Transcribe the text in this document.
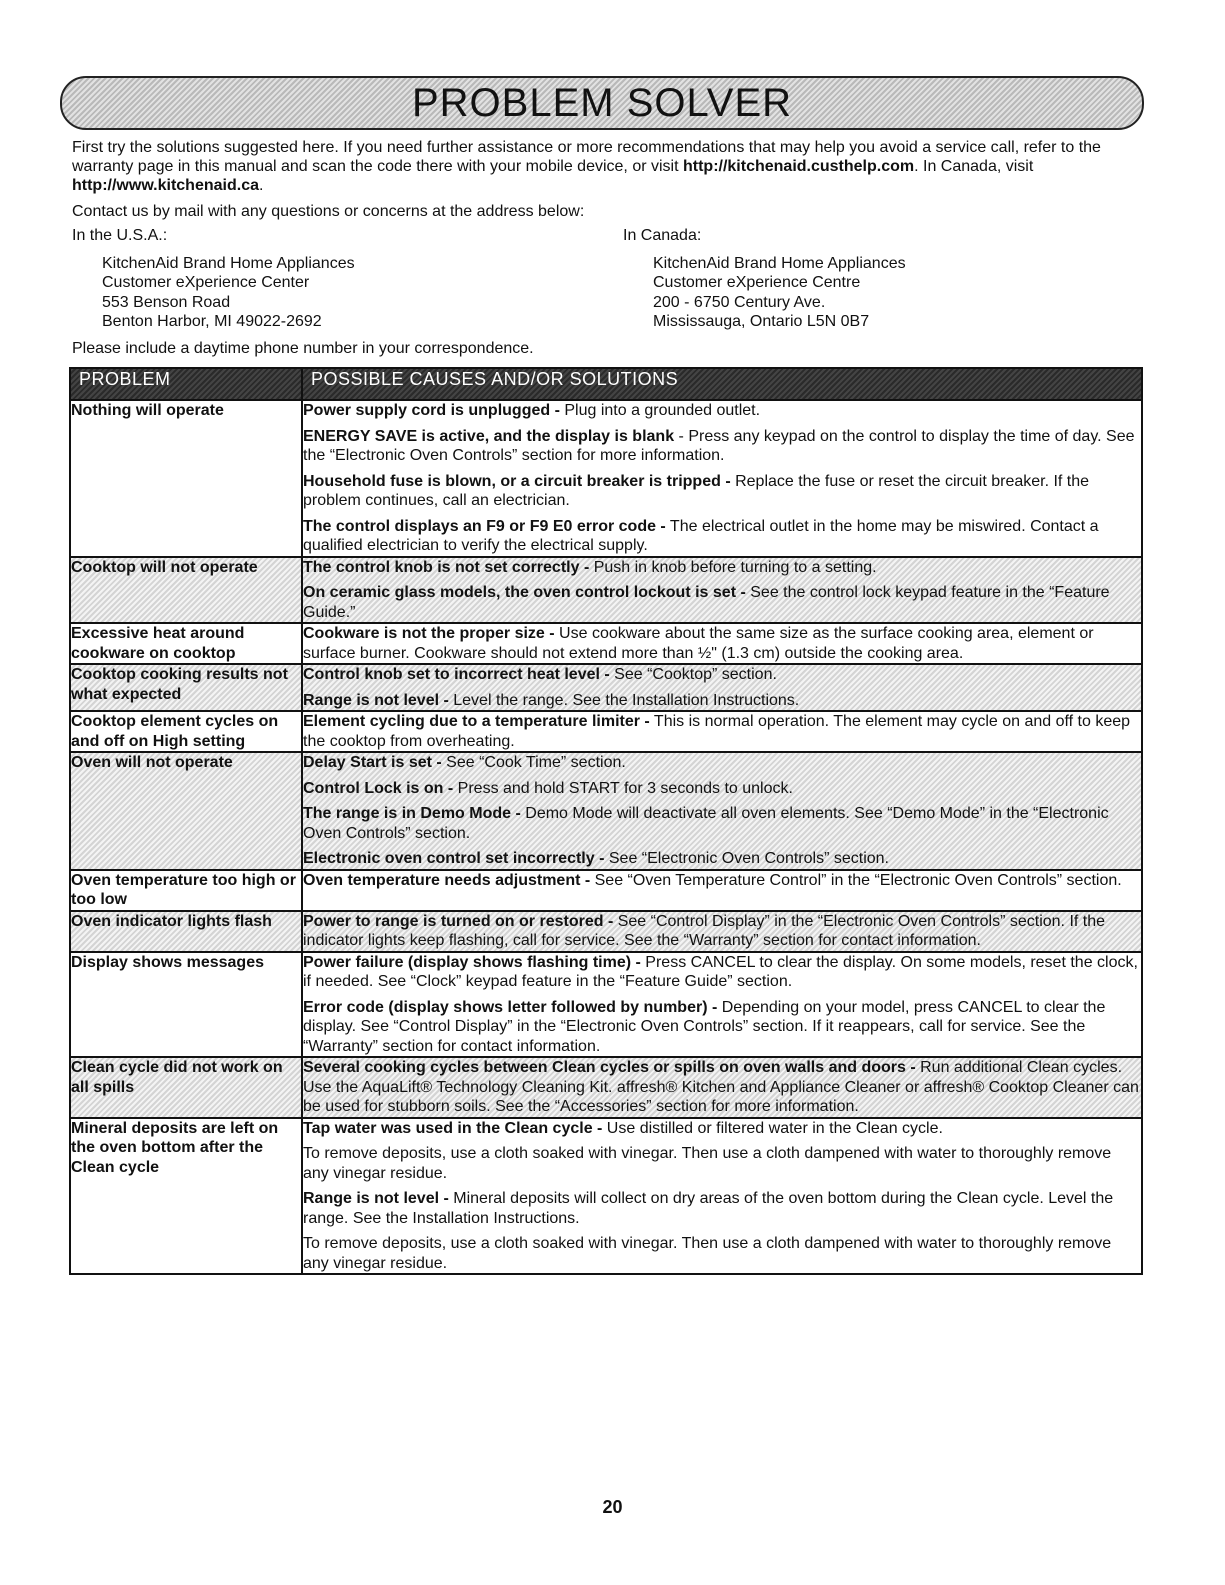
PROBLEM SOLVER

First try the solutions suggested here. If you need further assistance or more recommendations that may help you avoid a service call, refer to the warranty page in this manual and scan the code there with your mobile device, or visit http://kitchenaid.custhelp.com. In Canada, visit http://www.kitchenaid.ca.

Contact us by mail with any questions or concerns at the address below:

In the U.S.A.:
KitchenAid Brand Home Appliances
Customer eXperience Center
553 Benson Road
Benton Harbor, MI 49022-2692
In Canada:
KitchenAid Brand Home Appliances
Customer eXperience Centre
200 - 6750 Century Ave.
Mississauga, Ontario L5N 0B7
Please include a daytime phone number in your correspondence.
PROBLEM	POSSIBLE CAUSES AND/OR SOLUTIONS
Nothing will operate	Power supply cord is unplugged - Plug into a grounded outlet.

ENERGY SAVE is active, and the display is blank - Press any keypad on the control to display the time of day. See the “Electronic Oven Controls” section for more information.

Household fuse is blown, or a circuit breaker is tripped - Replace the fuse or reset the circuit breaker. If the problem continues, call an electrician.

The control displays an F9 or F9 E0 error code - The electrical outlet in the home may be miswired. Contact a qualified electrician to verify the electrical supply.

Cooktop will not operate	The control knob is not set correctly - Push in knob before turning to a setting.

On ceramic glass models, the oven control lockout is set - See the control lock keypad feature in the “Feature Guide.”

Excessive heat around cookware on cooktop	Cookware is not the proper size - Use cookware about the same size as the surface cooking area, element or surface burner. Cookware should not extend more than ½" (1.3 cm) outside the cooking area.

Cooktop cooking results not what expected	Control knob set to incorrect heat level - See “Cooktop” section.

Range is not level - Level the range. See the Installation Instructions.

Cooktop element cycles on and off on High setting	Element cycling due to a temperature limiter - This is normal operation. The element may cycle on and off to keep the cooktop from overheating.

Oven will not operate	Delay Start is set - See “Cook Time” section.

Control Lock is on - Press and hold START for 3 seconds to unlock.

The range is in Demo Mode - Demo Mode will deactivate all oven elements. See “Demo Mode” in the “Electronic Oven Controls” section.

Electronic oven control set incorrectly - See “Electronic Oven Controls” section.

Oven temperature too high or too low	Oven temperature needs adjustment - See “Oven Temperature Control” in the “Electronic Oven Controls” section.

Oven indicator lights flash	Power to range is turned on or restored - See “Control Display” in the “Electronic Oven Controls” section. If the indicator lights keep flashing, call for service. See the “Warranty” section for contact information.

Display shows messages	Power failure (display shows flashing time) - Press CANCEL to clear the display. On some models, reset the clock, if needed. See “Clock” keypad feature in the “Feature Guide” section.

Error code (display shows letter followed by number) - Depending on your model, press CANCEL to clear the display. See “Control Display” in the “Electronic Oven Controls” section. If it reappears, call for service. See the “Warranty” section for contact information.

Clean cycle did not work on all spills	Several cooking cycles between Clean cycles or spills on oven walls and doors - Run additional Clean cycles. Use the AquaLift® Technology Cleaning Kit. affresh® Kitchen and Appliance Cleaner or affresh® Cooktop Cleaner can be used for stubborn soils. See the “Accessories” section for more information.

Mineral deposits are left on the oven bottom after the Clean cycle	Tap water was used in the Clean cycle - Use distilled or filtered water in the Clean cycle.

To remove deposits, use a cloth soaked with vinegar. Then use a cloth dampened with water to thoroughly remove any vinegar residue.

Range is not level - Mineral deposits will collect on dry areas of the oven bottom during the Clean cycle. Level the range. See the Installation Instructions.

To remove deposits, use a cloth soaked with vinegar. Then use a cloth dampened with water to thoroughly remove any vinegar residue.

20
